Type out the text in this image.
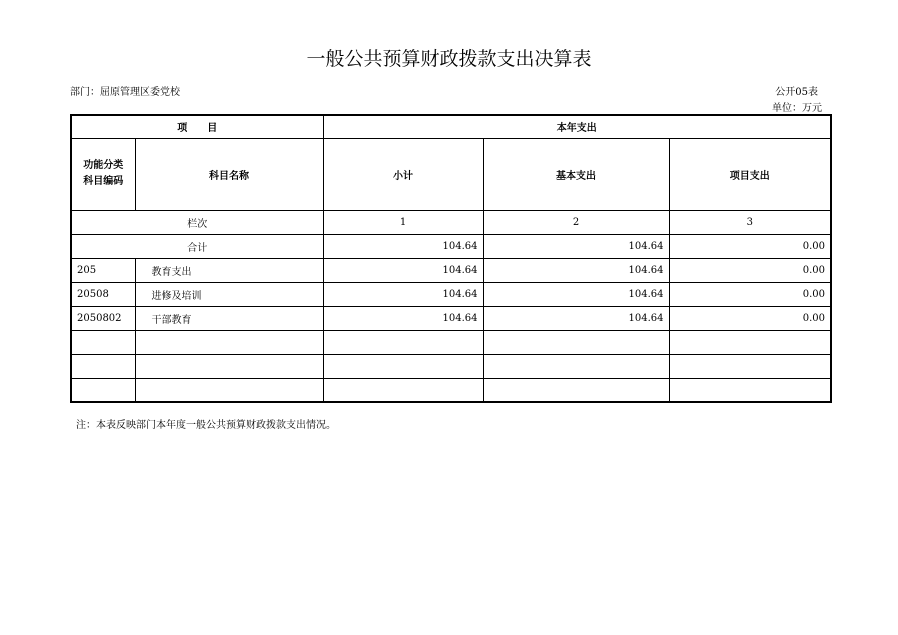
一般公共预算财政拨款支出决算表
部门：屈原管理区委党校	公开05表
单位：万元
项　　目		本年支出		

功能分类
科目编码	科目名称	小计	基本支出	项目支出
栏次		1	2	3
合计		104.64	104.64	0.00
205	教育支出	104.64	104.64	0.00
20508	进修及培训	104.64	104.64	0.00
2050802	干部教育	104.64	104.64	0.00

注：本表反映部门本年度一般公共预算财政拨款支出情况。
